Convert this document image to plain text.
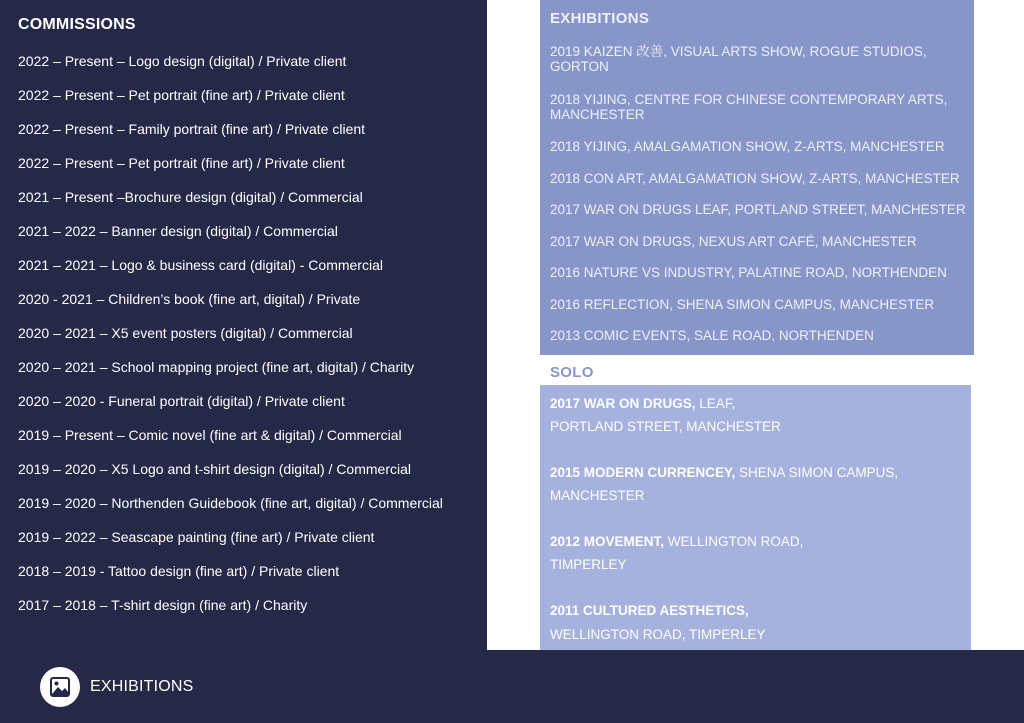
COMMISSIONS
2022 – Present – Logo design (digital) / Private client
2022 – Present – Pet portrait (fine art) / Private client
2022 – Present – Family portrait (fine art) / Private client
2022 – Present – Pet portrait (fine art) / Private client
2021 – Present –Brochure design (digital) / Commercial
2021 – 2022 – Banner design (digital) / Commercial
2021 – 2021 – Logo & business card (digital) - Commercial
2020 - 2021 – Children’s book (fine art, digital) / Private
2020 – 2021 – X5 event posters (digital) / Commercial
2020 – 2021 – School mapping project (fine art, digital) / Charity
2020 – 2020 - Funeral portrait (digital) / Private client
2019 – Present – Comic novel (fine art & digital) / Commercial
2019 – 2020 – X5 Logo and t-shirt design (digital) / Commercial
2019 – 2020 – Northenden Guidebook (fine art, digital) / Commercial
2019 – 2022 – Seascape painting (fine art) / Private client
2018 – 2019 - Tattoo design (fine art) / Private client
2017 – 2018 – T-shirt design (fine art) / Charity
EXHIBITIONS

2019 KAIZEN 改善, VISUAL ARTS SHOW, ROGUE STUDIOS, GORTON

2018 YIJING, CENTRE FOR CHINESE CONTEMPORARY ARTS, MANCHESTER

2018 YIJING, AMALGAMATION SHOW, Z-ARTS, MANCHESTER

2018 CON ART, AMALGAMATION SHOW, Z-ARTS, MANCHESTER

2017 WAR ON DRUGS LEAF, PORTLAND STREET, MANCHESTER

2017 WAR ON DRUGS, NEXUS ART CAFÉ, MANCHESTER

2016 NATURE VS INDUSTRY, PALATINE ROAD, NORTHENDEN

2016 REFLECTION, SHENA SIMON CAMPUS, MANCHESTER

2013 COMIC EVENTS, SALE ROAD, NORTHENDEN

SOLO

2017 WAR ON DRUGS, LEAF,

PORTLAND STREET, MANCHESTER

2015 MODERN CURRENCEY, SHENA SIMON CAMPUS,

MANCHESTER

2012 MOVEMENT, WELLINGTON ROAD,

TIMPERLEY

2011 CULTURED AESTHETICS,

WELLINGTON ROAD, TIMPERLEY

EXHIBITIONS
